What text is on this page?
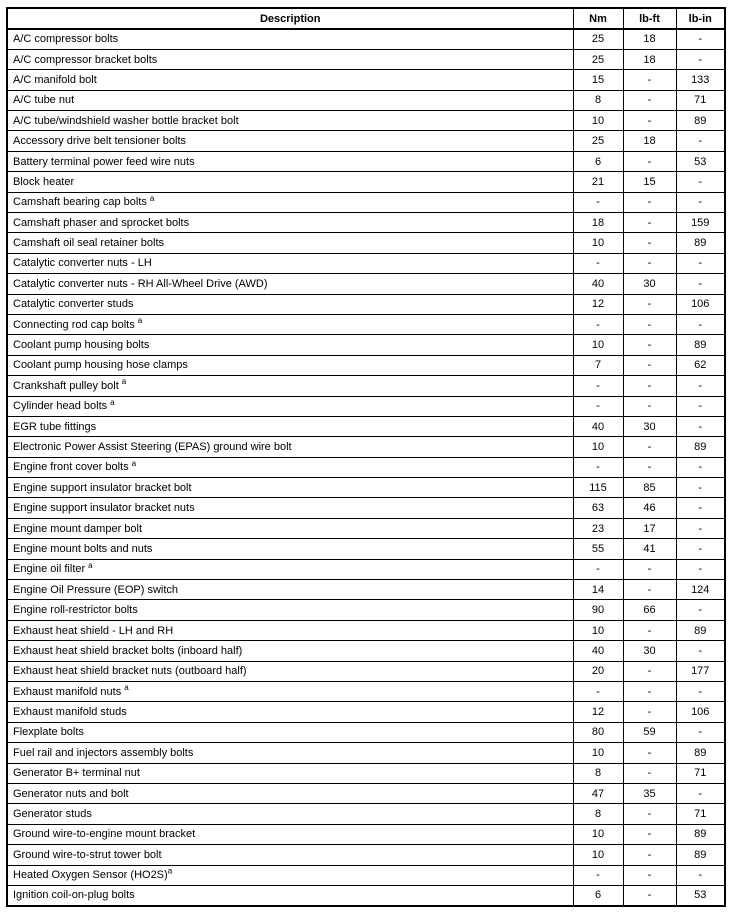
Description	Nm	lb-ft	lb-in
A/C compressor bolts	25	18	-
A/C compressor bracket bolts	25	18	-
A/C manifold bolt	15	-	133
A/C tube nut	8	-	71
A/C tube/windshield washer bottle bracket bolt	10	-	89
Accessory drive belt tensioner bolts	25	18	-
Battery terminal power feed wire nuts	6	-	53
Block heater	21	15	-
Camshaft bearing cap bolts $^a$	-	-	-
Camshaft phaser and sprocket bolts	18	-	159
Camshaft oil seal retainer bolts	10	-	89
Catalytic converter nuts - LH	-	-	-
Catalytic converter nuts - RH All-Wheel Drive (AWD)	40	30	-
Catalytic converter studs	12	-	106
Connecting rod cap bolts $^a$	-	-	-
Coolant pump housing bolts	10	-	89
Coolant pump housing hose clamps	7	-	62
Crankshaft pulley bolt $^a$	-	-	-
Cylinder head bolts $^a$	-	-	-
EGR tube fittings	40	30	-
Electronic Power Assist Steering (EPAS) ground wire bolt	10	-	89
Engine front cover bolts $^a$	-	-	-
Engine support insulator bracket bolt	115	85	-
Engine support insulator bracket nuts	63	46	-
Engine mount damper bolt	23	17	-
Engine mount bolts and nuts	55	41	-
Engine oil filter $^a$	-	-	-
Engine Oil Pressure (EOP) switch	14	-	124
Engine roll-restrictor bolts	90	66	-
Exhaust heat shield - LH and RH	10	-	89
Exhaust heat shield bracket bolts (inboard half)	40	30	-
Exhaust heat shield bracket nuts (outboard half)	20	-	177
Exhaust manifold nuts $^a$	-	-	-
Exhaust manifold studs	12	-	106
Flexplate bolts	80	59	-
Fuel rail and injectors assembly bolts	10	-	89
Generator B+ terminal nut	8	-	71
Generator nuts and bolt	47	35	-
Generator studs	8	-	71
Ground wire-to-engine mount bracket	10	-	89
Ground wire-to-strut tower bolt	10	-	89
Heated Oxygen Sensor (HO2S)$^a$	-	-	-
Ignition coil-on-plug bolts	6	-	53
